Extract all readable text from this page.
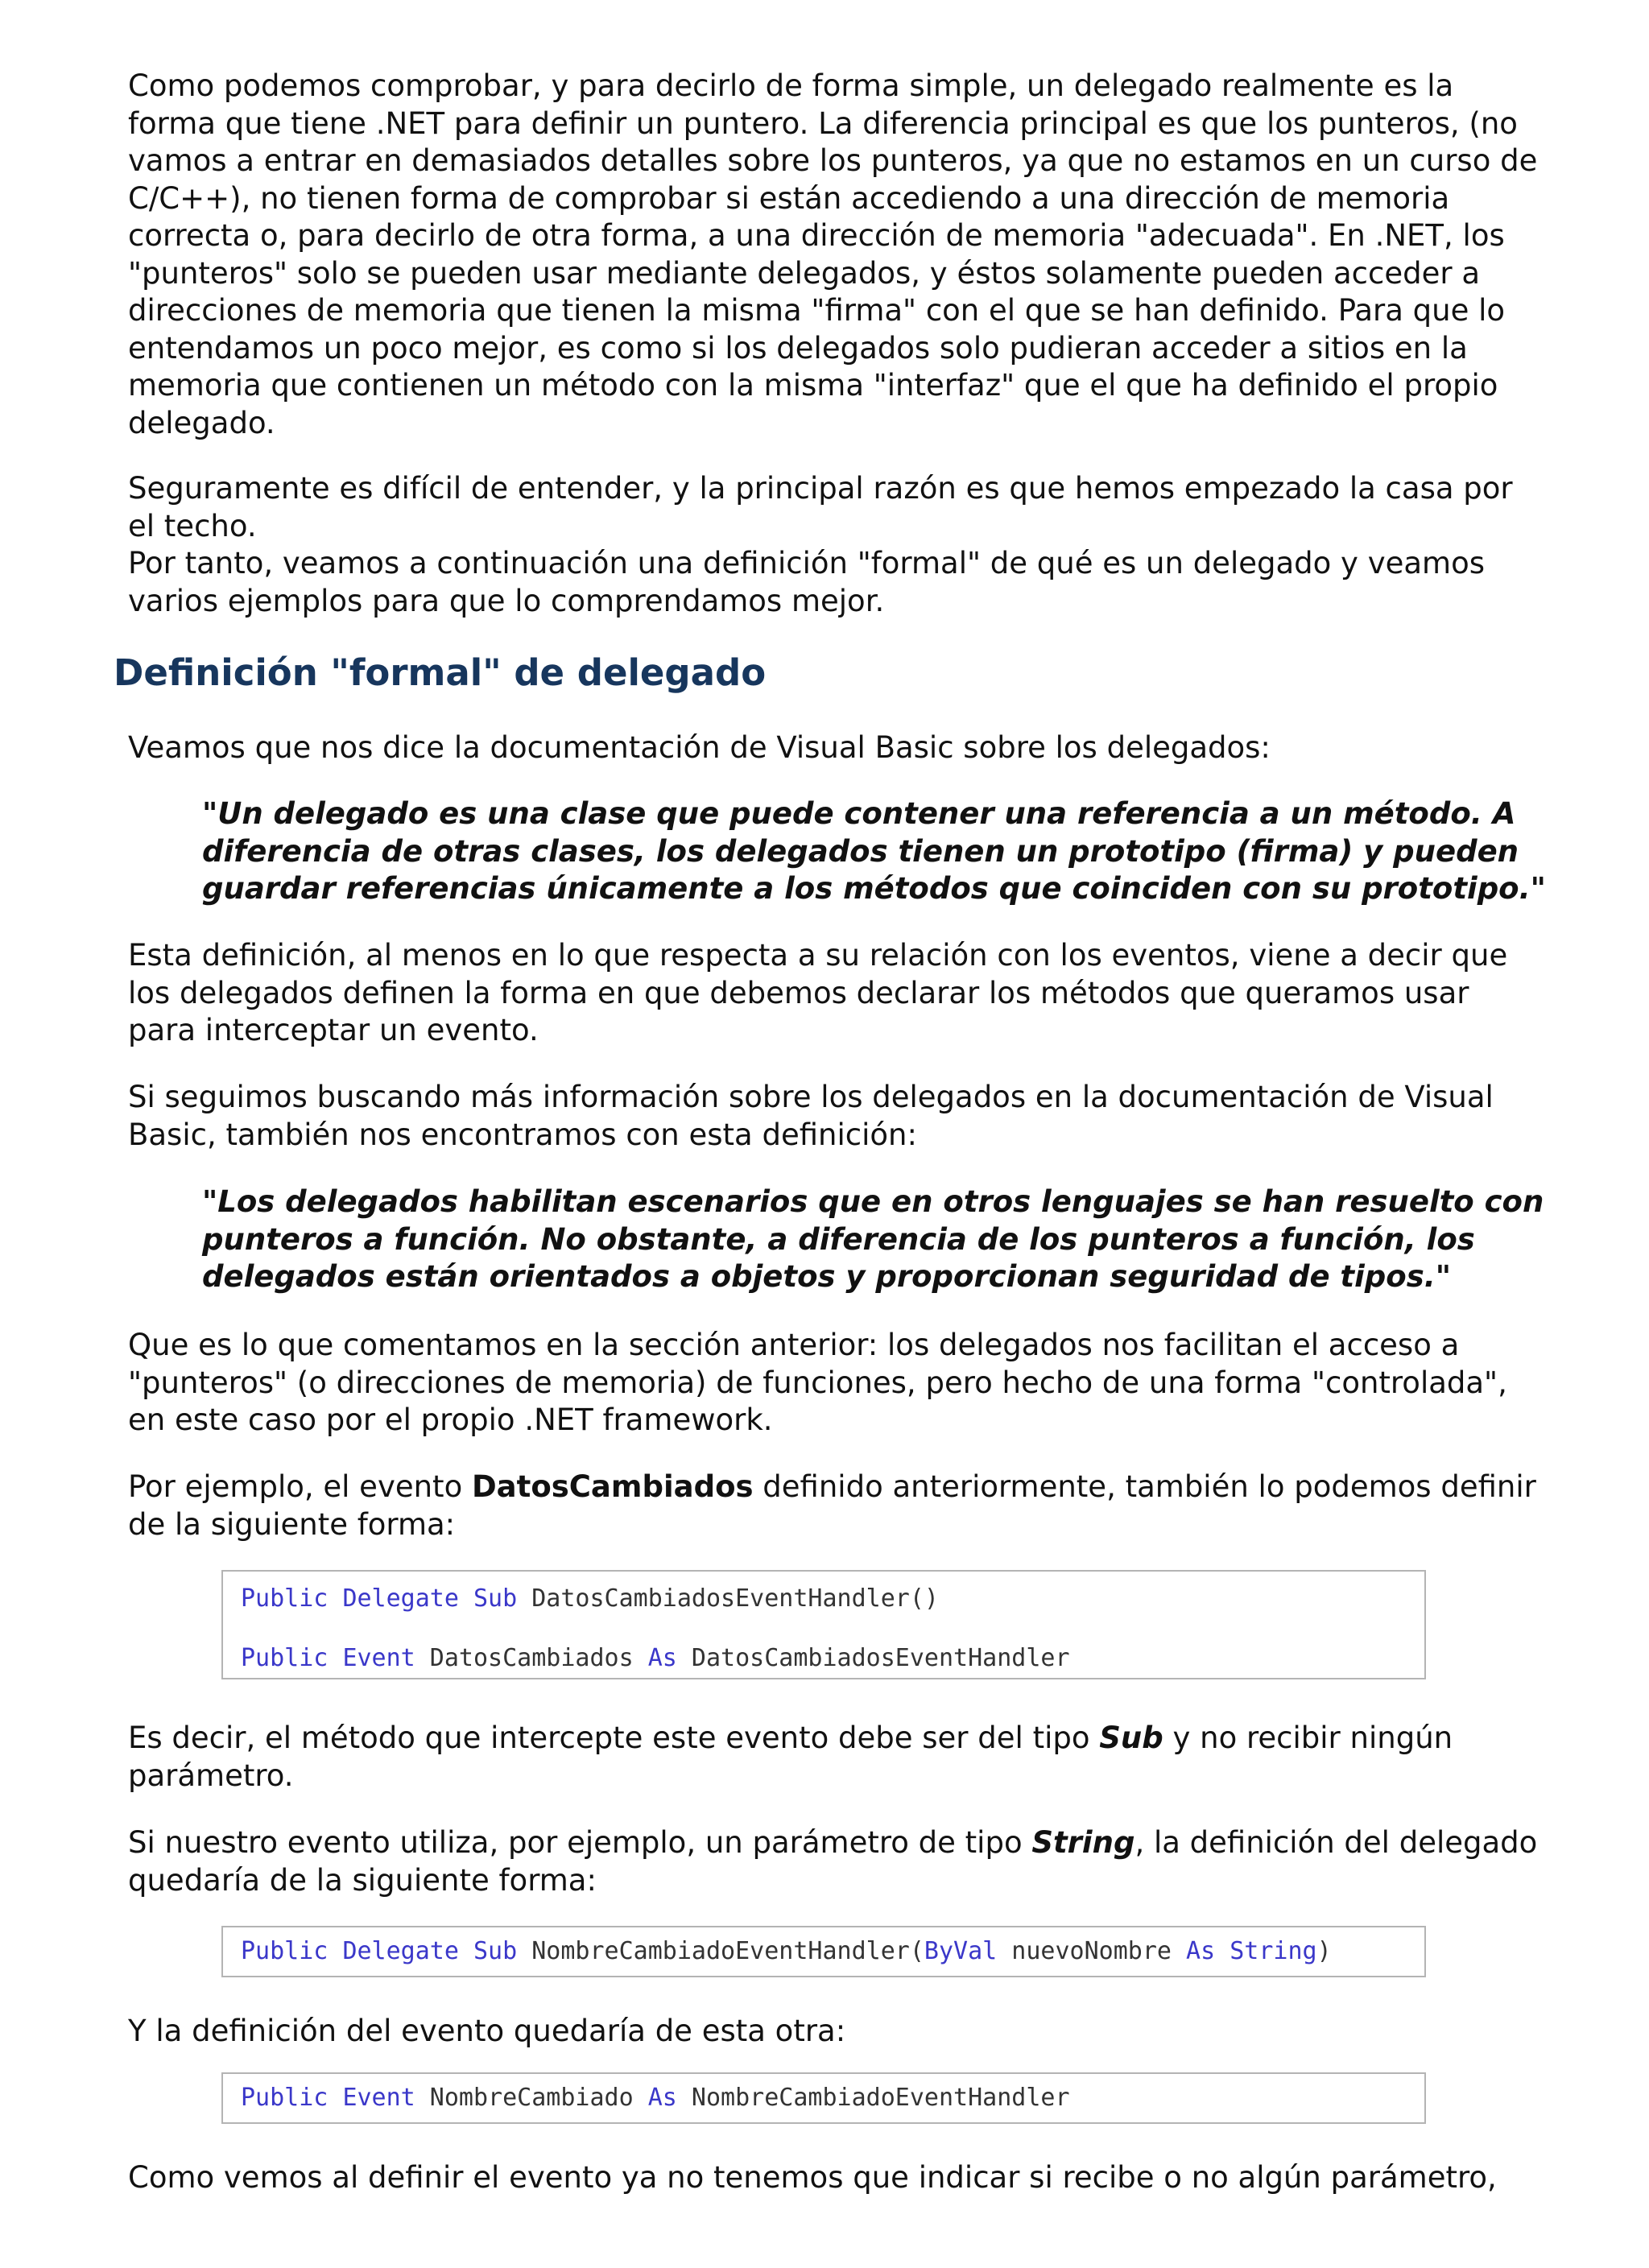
Como podemos comprobar, y para decirlo de forma simple, un delegado realmente es la forma que tiene .NET para definir un puntero. La diferencia principal es que los punteros, (no vamos a entrar en demasiados detalles sobre los punteros, ya que no estamos en un curso de C/C++), no tienen forma de comprobar si están accediendo a una dirección de memoria correcta o, para decirlo de otra forma, a una dirección de memoria "adecuada". En .NET, los "punteros" solo se pueden usar mediante delegados, y éstos solamente pueden acceder a direcciones de memoria que tienen la misma "firma" con el que se han definido. Para que lo entendamos un poco mejor, es como si los delegados solo pudieran acceder a sitios en la memoria que contienen un método con la misma "interfaz" que el que ha definido el propio delegado.

Seguramente es difícil de entender, y la principal razón es que hemos empezado la casa por el techo.
Por tanto, veamos a continuación una definición "formal" de qué es un delegado y veamos varios ejemplos para que lo comprendamos mejor.

Definición "formal" de delegado

Veamos que nos dice la documentación de Visual Basic sobre los delegados:

"Un delegado es una clase que puede contener una referencia a un método. A diferencia de otras clases, los delegados tienen un prototipo (firma) y pueden guardar referencias únicamente a los métodos que coinciden con su prototipo."

Esta definición, al menos en lo que respecta a su relación con los eventos, viene a decir que los delegados definen la forma en que debemos declarar los métodos que queramos usar para interceptar un evento.

Si seguimos buscando más información sobre los delegados en la documentación de Visual Basic, también nos encontramos con esta definición:

"Los delegados habilitan escenarios que en otros lenguajes se han resuelto con punteros a función. No obstante, a diferencia de los punteros a función, los delegados están orientados a objetos y proporcionan seguridad de tipos."

Que es lo que comentamos en la sección anterior: los delegados nos facilitan el acceso a "punteros" (o direcciones de memoria) de funciones, pero hecho de una forma "controlada", en este caso por el propio .NET framework.

Por ejemplo, el evento DatosCambiados definido anteriormente, también lo podemos definir de la siguiente forma:

Public Delegate Sub DatosCambiadosEventHandler()
Public Event DatosCambiados As DatosCambiadosEventHandler

Es decir, el método que intercepte este evento debe ser del tipo Sub y no recibir ningún parámetro.

Si nuestro evento utiliza, por ejemplo, un parámetro de tipo String, la definición del delegado quedaría de la siguiente forma:

Public Delegate Sub NombreCambiadoEventHandler(ByVal nuevoNombre As String)

Y la definición del evento quedaría de esta otra:

Public Event NombreCambiado As NombreCambiadoEventHandler

Como vemos al definir el evento ya no tenemos que indicar si recibe o no algún parámetro,
